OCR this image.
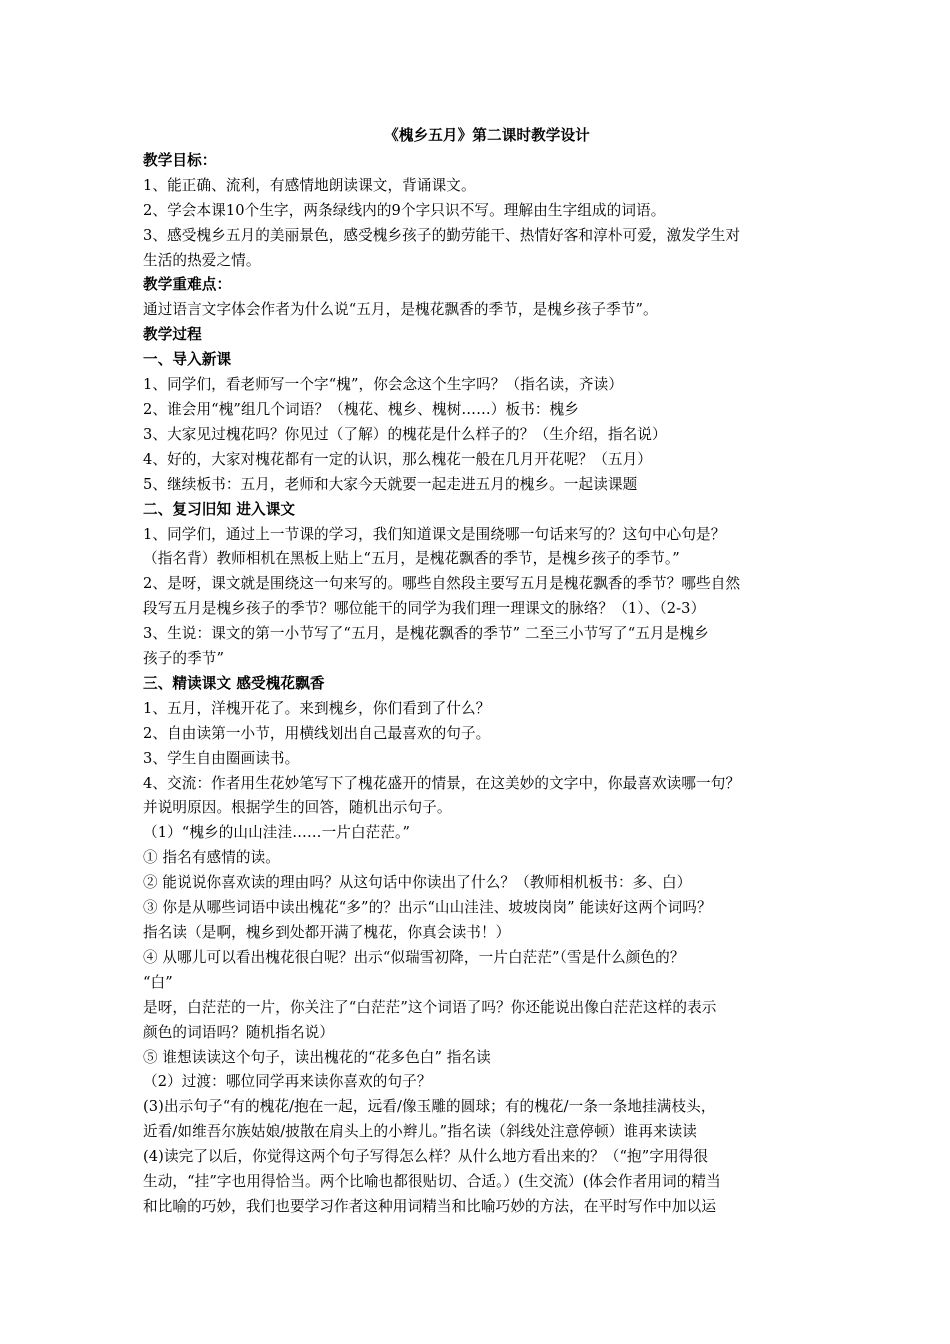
《槐乡五月》第二课时教学设计
教学目标：
1、能正确、流利，有感情地朗读课文，背诵课文。
2、学会本课10个生字，两条绿线内的9个字只识不写。理解由生字组成的词语。
3、感受槐乡五月的美丽景色，感受槐乡孩子的勤劳能干、热情好客和淳朴可爱，激发学生对
生活的热爱之情。
教学重难点：
通过语言文字体会作者为什么说“五月，是槐花飘香的季节，是槐乡孩子季节”。
教学过程
一、导入新课
1、同学们，看老师写一个字“槐”，你会念这个生字吗？（指名读，齐读）
2、谁会用“槐”组几个词语？（槐花、槐乡、槐树……）板书：槐乡
3、大家见过槐花吗？你见过（了解）的槐花是什么样子的？（生介绍，指名说）
4、好的，大家对槐花都有一定的认识，那么槐花一般在几月开花呢？（五月）
5、继续板书：五月，老师和大家今天就要一起走进五月的槐乡。一起读课题
二、复习旧知 进入课文
1、同学们，通过上一节课的学习，我们知道课文是围绕哪一句话来写的？这句中心句是？
（指名背）教师相机在黑板上贴上“五月，是槐花飘香的季节，是槐乡孩子的季节。”
2、是呀，课文就是围绕这一句来写的。哪些自然段主要写五月是槐花飘香的季节？哪些自然
段写五月是槐乡孩子的季节？哪位能干的同学为我们理一理课文的脉络？（1）、（2-3）
3、生说：课文的第一小节写了“五月，是槐花飘香的季节” 二至三小节写了“五月是槐乡
孩子的季节”
三、精读课文 感受槐花飘香
1、五月，洋槐开花了。来到槐乡，你们看到了什么？
2、自由读第一小节，用横线划出自己最喜欢的句子。
3、学生自由圈画读书。
4、交流：作者用生花妙笔写下了槐花盛开的情景，在这美妙的文字中，你最喜欢读哪一句？
并说明原因。根据学生的回答，随机出示句子。
（1）“槐乡的山山洼洼……一片白茫茫。”
① 指名有感情的读。
② 能说说你喜欢读的理由吗？从这句话中你读出了什么？（教师相机板书：多、白）
③ 你是从哪些词语中读出槐花“多”的？出示“山山洼洼、坡坡岗岗” 能读好这两个词吗？
指名读（是啊，槐乡到处都开满了槐花，你真会读书！）
④ 从哪儿可以看出槐花很白呢？出示“似瑞雪初降，一片白茫茫”（雪是什么颜色的？
“白”
是呀，白茫茫的一片，你关注了“白茫茫”这个词语了吗？你还能说出像白茫茫这样的表示
颜色的词语吗？随机指名说）
⑤ 谁想读读这个句子，读出槐花的“花多色白” 指名读
（2）过渡：哪位同学再来读你喜欢的句子？
(3)出示句子“有的槐花/抱在一起，远看/像玉雕的圆球；有的槐花/一条一条地挂满枝头，
近看/如维吾尔族姑娘/披散在肩头上的小辫儿。”指名读（斜线处注意停顿）谁再来读读
(4)读完了以后，你觉得这两个句子写得怎么样？从什么地方看出来的？（“抱”字用得很
生动，“挂”字也用得恰当。两个比喻也都很贴切、合适。）(生交流）(体会作者用词的精当
和比喻的巧妙，我们也要学习作者这种用词精当和比喻巧妙的方法，在平时写作中加以运
